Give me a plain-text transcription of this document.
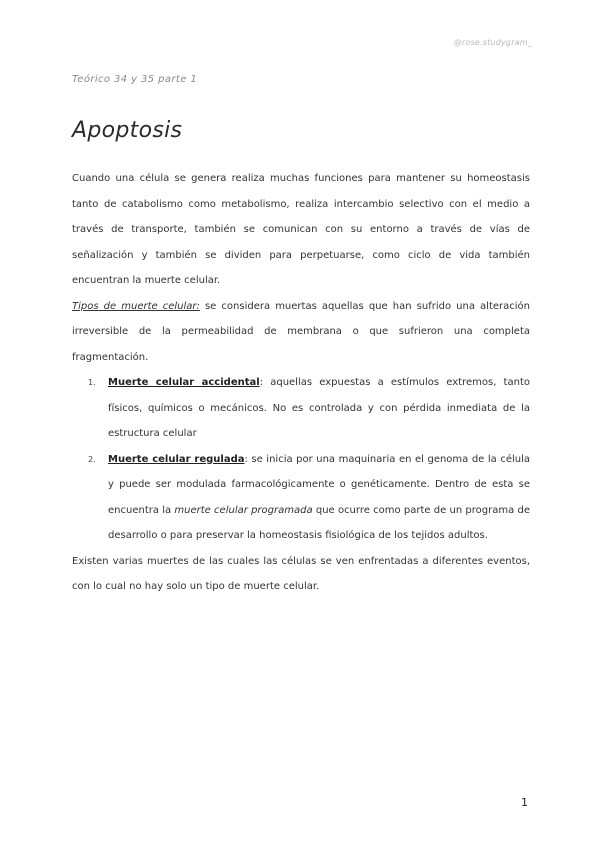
@rose.studygram_
Teórico 34 y 35 parte 1
Apoptosis

Cuando una célula se genera realiza muchas funciones para mantener su homeostasis tanto de catabolismo como metabolismo, realiza intercambio selectivo con el medio a través de transporte, también se comunican con su entorno a través de vías de señalización y también se dividen para perpetuarse, como ciclo de vida también encuentran la muerte celular.

Tipos de muerte celular: se considera muertas aquellas que han sufrido una alteración irreversible de la permeabilidad de membrana o que sufrieron una completa fragmentación.

1. Muerte celular accidental: aquellas expuestas a estímulos extremos, tanto físicos, químicos o mecánicos. No es controlada y con pérdida inmediata de la estructura celular
2. Muerte celular regulada: se inicia por una maquinaria en el genoma de la célula y puede ser modulada farmacológicamente o genéticamente. Dentro de esta se encuentra la muerte celular programada que ocurre como parte de un programa de desarrollo o para preservar la homeostasis fisiológica de los tejidos adultos.

Existen varias muertes de las cuales las células se ven enfrentadas a diferentes eventos, con lo cual no hay solo un tipo de muerte celular.

1
